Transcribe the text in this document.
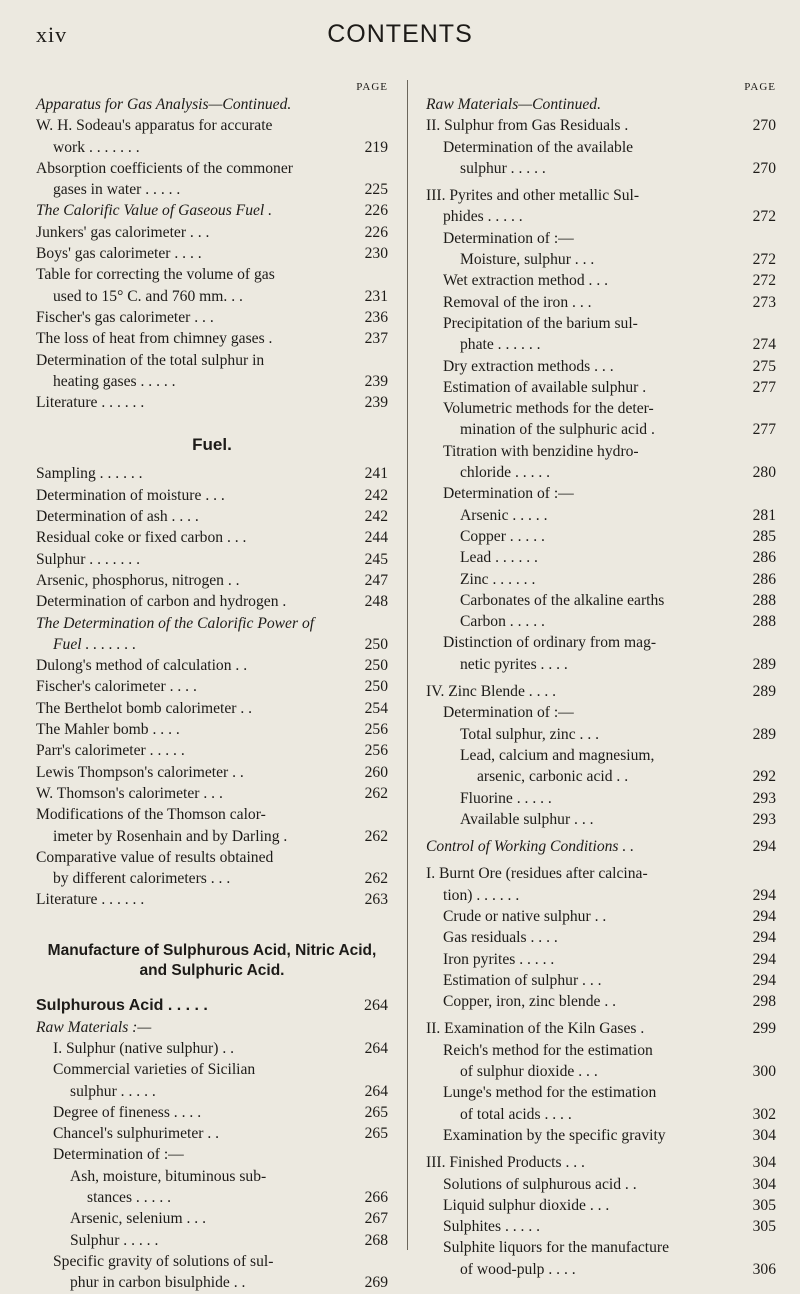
xiv	CONTENTS
PAGE
Apparatus for Gas Analysis—Continued.
W. H. Sodeau's apparatus for accurate
work . . . . . . .	219
Absorption coefficients of the commoner
gases in water . . . . .	225
The Calorific Value of Gaseous Fuel .	226
Junkers' gas calorimeter . . .	226
Boys' gas calorimeter . . . .	230
Table for correcting the volume of gas
used to 15° C. and 760 mm. . .	231
Fischer's gas calorimeter . . .	236
The loss of heat from chimney gases .	237
Determination of the total sulphur in
heating gases . . . . .	239
Literature . . . . . .	239
Fuel.
Sampling . . . . . .	241
Determination of moisture . . .	242
Determination of ash . . . .	242
Residual coke or fixed carbon . . .	244
Sulphur . . . . . . .	245
Arsenic, phosphorus, nitrogen . .	247
Determination of carbon and hydrogen .	248
The Determination of the Calorific Power of
Fuel . . . . . . .	250
Dulong's method of calculation . .	250
Fischer's calorimeter . . . .	250
The Berthelot bomb calorimeter . .	254
The Mahler bomb . . . .	256
Parr's calorimeter . . . . .	256
Lewis Thompson's calorimeter . .	260
W. Thomson's calorimeter . . .	262
Modifications of the Thomson calor-
imeter by Rosenhain and by Darling .	262
Comparative value of results obtained
by different calorimeters . . .	262
Literature . . . . . .	263
Manufacture of Sulphurous Acid, Nitric Acid, and Sulphuric Acid.
Sulphurous Acid . . . . .	264
Raw Materials :—
I. Sulphur (native sulphur) . .	264
Commercial varieties of Sicilian
sulphur . . . . .	264
Degree of fineness . . . .	265
Chancel's sulphurimeter . .	265
Determination of :—
Ash, moisture, bituminous sub-
stances . . . . .	266
Arsenic, selenium . . .	267
Sulphur . . . . .	268
Specific gravity of solutions of sul-
phur in carbon bisulphide . .	269
PAGE
Raw Materials—Continued.
II. Sulphur from Gas Residuals .	270
Determination of the available
sulphur . . . . .	270
III. Pyrites and other metallic Sul-
phides . . . . .	272
Determination of :—
Moisture, sulphur . . .	272
Wet extraction method . . .	272
Removal of the iron . . .	273
Precipitation of the barium sul-
phate . . . . . .	274
Dry extraction methods . . .	275
Estimation of available sulphur .	277
Volumetric methods for the deter-
mination of the sulphuric acid .	277
Titration with benzidine hydro-
chloride . . . . .	280
Determination of :—
Arsenic . . . . .	281
Copper . . . . .	285
Lead . . . . . .	286
Zinc . . . . . .	286
Carbonates of the alkaline earths	288
Carbon . . . . .	288
Distinction of ordinary from mag-
netic pyrites . . . .	289
IV. Zinc Blende . . . .	289
Determination of :—
Total sulphur, zinc . . .	289
Lead, calcium and magnesium,
arsenic, carbonic acid . .	292
Fluorine . . . . .	293
Available sulphur . . .	293
Control of Working Conditions . .	294
I. Burnt Ore (residues after calcina-
tion) . . . . . .	294
Crude or native sulphur . .	294
Gas residuals . . . .	294
Iron pyrites . . . . .	294
Estimation of sulphur . . .	294
Copper, iron, zinc blende . .	298
II. Examination of the Kiln Gases .	299
Reich's method for the estimation
of sulphur dioxide . . .	300
Lunge's method for the estimation
of total acids . . . .	302
Examination by the specific gravity	304
III. Finished Products . . .	304
Solutions of sulphurous acid . .	304
Liquid sulphur dioxide . . .	305
Sulphites . . . . .	305
Sulphite liquors for the manufacture
of wood-pulp . . . .	306
